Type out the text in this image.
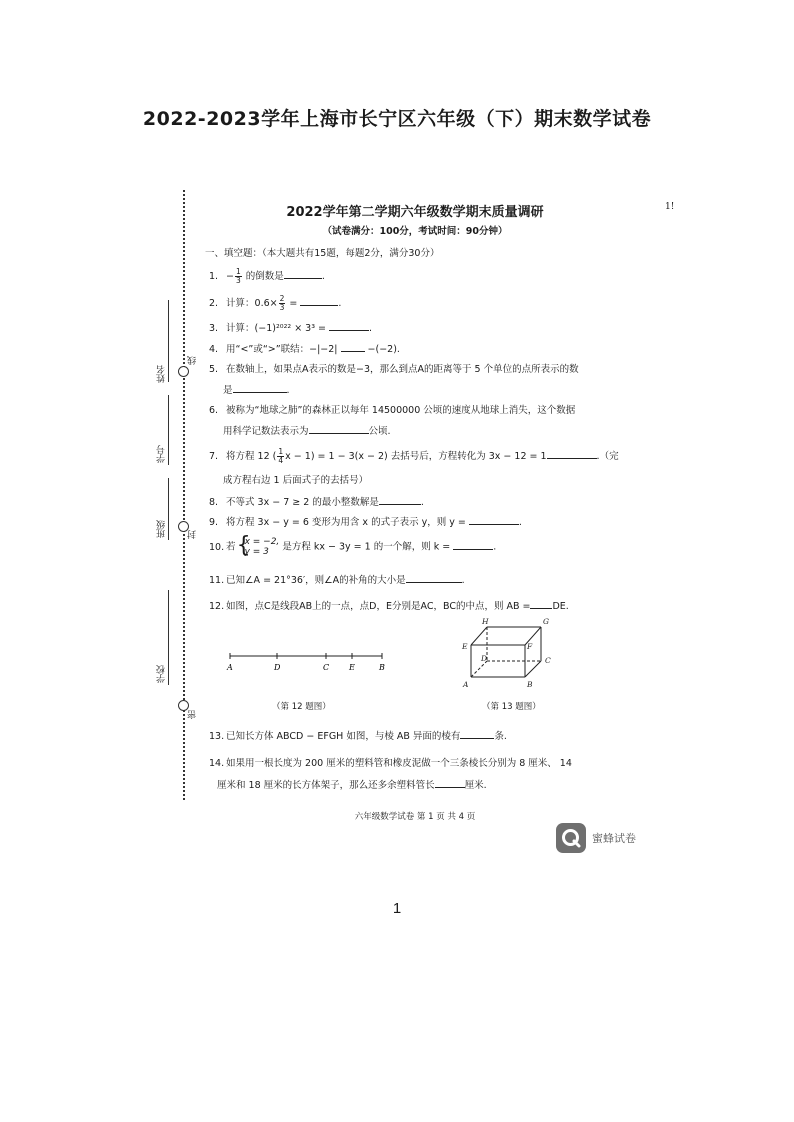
2022-2023学年上海市长宁区六年级（下）期末数学试卷
线
封
密
姓名
学号
班级
学校
2022学年第二学期六年级数学期末质量调研
（试卷满分：100分，考试时间：90分钟）
1!
一、填空题：（本大题共有15题，每题2分，满分30分）
1. − $\frac{1}{3}$ 的倒数是	.
2. 计算：$0.6\times \frac{2}{3}$ =	.
3. 计算：(−1)²⁰²² × 3³ =	.
4. 用“<”或“>”联结：−|−2|	−(−2).
5. 在数轴上，如果点A表示的数是−3，那么到点A的距离等于 5 个单位的点所表示的数
是	.
6. 被称为“地球之肺”的森林正以每年 14500000 公顷的速度从地球上消失，这个数据
用科学记数法表示为	公顷.
7. 将方程 12 ( $\frac{1}{4}$ x − 1) = 1 − 3(x − 2) 去括号后，方程转化为 3x − 12 = 1	.（完
成方程右边 1 后面式子的去括号）
8. 不等式 3x − 7 ≥ 2 的最小整数解是	.
9. 将方程 3x − y = 6 变形为用含 x 的式子表示 y，则 y =	.
10. 若 { x = −2,
y = 3 是方程 kx − 3y = 1 的一个解，则 k =	.
11. 已知∠A = 21°36′，则∠A的补角的大小是	.
12. 如图，点C是线段AB上的一点，点D，E分别是AC，BC的中点，则 AB = DE.
A	D	C E	B
（第 12 题图）
H	G
E	F
D	C
A	B
（第 13 题图）
13. 已知长方体 ABCD − EFGH 如图，与棱 AB 异面的棱有	条.
14. 如果用一根长度为 200 厘米的塑料管和橡皮泥做一个三条棱长分别为 8 厘米、 14
厘米和 18 厘米的长方体架子，那么还多余塑料管长	厘米.
六年级数学试卷 第 1 页 共 4 页
蜜蜂试卷
1
